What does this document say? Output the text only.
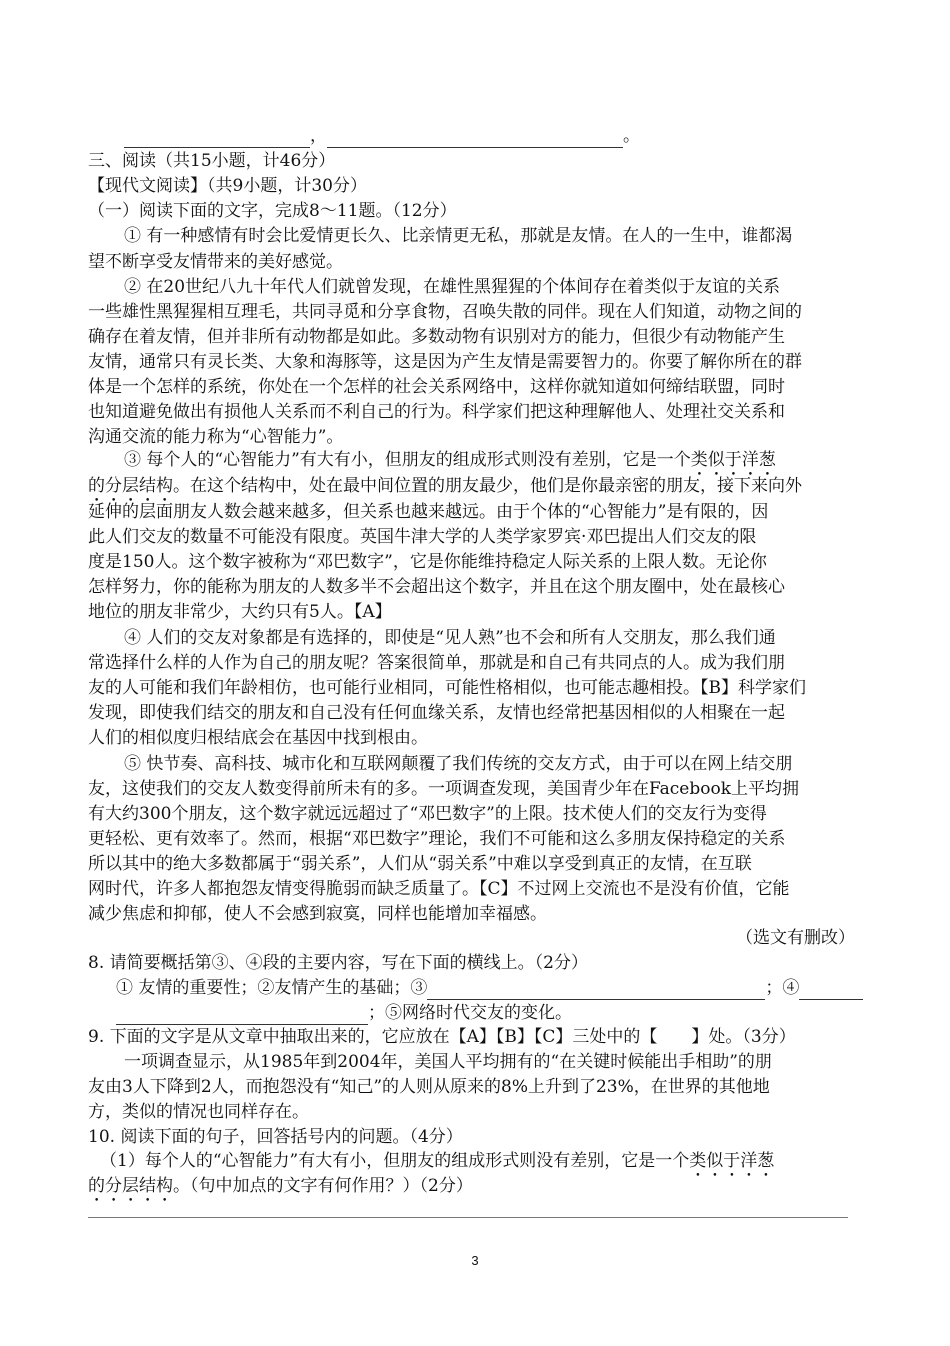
，	。
三、阅读（共15小题，计46分）
【现代文阅读】（共9小题，计30分）
（一）阅读下面的文字，完成8～11题。（12分）
① 有一种感情有时会比爱情更长久、比亲情更无私，那就是友情。在人的一生中，谁都渴
望不断享受友情带来的美好感觉。
② 在20世纪八九十年代人们就曾发现，在雄性黑猩猩的个体间存在着类似于友谊的关系
一些雄性黑猩猩相互理毛，共同寻觅和分享食物，召唤失散的同伴。现在人们知道，动物之间的
确存在着友情，但并非所有动物都是如此。多数动物有识别对方的能力，但很少有动物能产生
友情，通常只有灵长类、大象和海豚等，这是因为产生友情是需要智力的。你要了解你所在的群
体是一个怎样的系统，你处在一个怎样的社会关系网络中，这样你就知道如何缔结联盟，同时
也知道避免做出有损他人关系而不利自己的行为。科学家们把这种理解他人、处理社交关系和
沟通交流的能力称为“心智能力”。
③ 每个人的“心智能力”有大有小，但朋友的组成形式则没有差别，它是一个类似于洋葱
的分层结构。在这个结构中，处在最中间位置的朋友最少，他们是你最亲密的朋友，接下来向外
延伸的层面朋友人数会越来越多，但关系也越来越远。由于个体的“心智能力”是有限的，因
此人们交友的数量不可能没有限度。英国牛津大学的人类学家罗宾·邓巴提出人们交友的限
度是150人。这个数字被称为“邓巴数字”，它是你能维持稳定人际关系的上限人数。无论你
怎样努力，你的能称为朋友的人数多半不会超出这个数字，并且在这个朋友圈中，处在最核心
地位的朋友非常少，大约只有5人。【A】
④ 人们的交友对象都是有选择的，即使是“见人熟”也不会和所有人交朋友，那么我们通
常选择什么样的人作为自己的朋友呢？答案很简单，那就是和自己有共同点的人。成为我们朋
友的人可能和我们年龄相仿，也可能行业相同，可能性格相似，也可能志趣相投。【B】科学家们
发现，即使我们结交的朋友和自己没有任何血缘关系，友情也经常把基因相似的人相聚在一起
人们的相似度归根结底会在基因中找到根由。
⑤ 快节奏、高科技、城市化和互联网颠覆了我们传统的交友方式，由于可以在网上结交朋
友，这使我们的交友人数变得前所未有的多。一项调查发现，美国青少年在Facebook上平均拥
有大约300个朋友，这个数字就远远超过了“邓巴数字”的上限。技术使人们的交友行为变得
更轻松、更有效率了。然而，根据“邓巴数字”理论，我们不可能和这么多朋友保持稳定的关系
所以其中的绝大多数都属于“弱关系”，人们从“弱关系”中难以享受到真正的友情，在互联
网时代，许多人都抱怨友情变得脆弱而缺乏质量了。【C】不过网上交流也不是没有价值，它能
减少焦虑和抑郁，使人不会感到寂寞，同样也能增加幸福感。
（选文有删改）
8. 请简要概括第③、④段的主要内容，写在下面的横线上。（2分）
① 友情的重要性；②友情产生的基础；③	；④
；⑤网络时代交友的变化。
9. 下面的文字是从文章中抽取出来的，它应放在【A】【B】【C】三处中的【　　】处。（3分）
一项调查显示，从1985年到2004年，美国人平均拥有的“在关键时候能出手相助”的朋
友由3人下降到2人，而抱怨没有“知己”的人则从原来的8%上升到了23%，在世界的其他地
方，类似的情况也同样存在。
10. 阅读下面的句子，回答括号内的问题。（4分）
（1）每个人的“心智能力”有大有小，但朋友的组成形式则没有差别，它是一个类似于洋葱
的分层结构。（句中加点的文字有何作用？）（2分）
3
